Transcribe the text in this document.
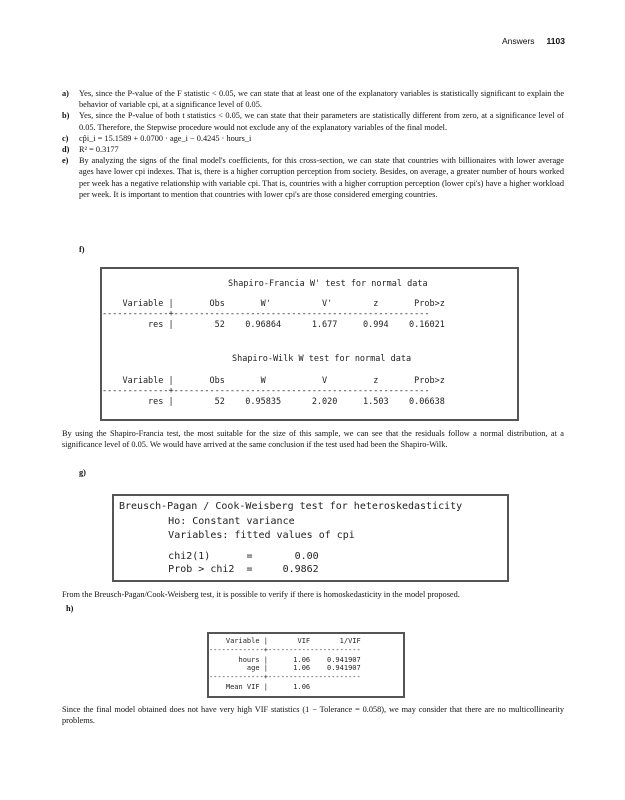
Answers 1103
a)	Yes, since the P-value of the F statistic < 0.05, we can state that at least one of the explanatory variables is statistically significant to explain the behavior of variable cpi, at a significance level of 0.05.
b)	Yes, since the P-value of both t statistics < 0.05, we can state that their parameters are statistically different from zero, at a significance level of 0.05. Therefore, the Stepwise procedure would not exclude any of the explanatory variables of the final model.
c)	cp̂i_i = 15.1589 + 0.0700 · age_i − 0.4245 · hours_i
d)	R² = 0.3177
e)	By analyzing the signs of the final model's coefficients, for this cross-section, we can state that countries with billionaires with lower average ages have lower cpi indexes. That is, there is a higher corruption perception from society. Besides, on average, a greater number of hours worked per week has a negative relationship with variable cpi. That is, countries with a higher corruption perception (lower cpi's) have a higher workload per week. It is important to mention that countries with lower cpi's are those considered emerging countries.
f)
Shapiro-Francia W' test for normal data
Variable |       Obs       W'          V'        z       Prob>z
-------------+--------------------------------------------------
res |        52    0.96864      1.677     0.994    0.16021
Shapiro-Wilk W test for normal data
Variable |       Obs       W           V         z       Prob>z
-------------+--------------------------------------------------
res |        52    0.95835      2.020     1.503    0.06638
By using the Shapiro-Francia test, the most suitable for the size of this sample, we can see that the residuals follow a normal distribution, at a significance level of 0.05. We would have arrived at the same conclusion if the test used had been the Shapiro-Wilk.
g)
Breusch-Pagan / Cook-Weisberg test for heteroskedasticity
Ho: Constant variance
Variables: fitted values of cpi
chi2(1)      =       0.00
Prob > chi2  =     0.9862
From the Breusch-Pagan/Cook-Weisberg test, it is possible to verify if there is homoskedasticity in the model proposed.
h)
Variable |       VIF       1/VIF
-------------+----------------------
hours |      1.06    0.941907
age |      1.06    0.941907
-------------+----------------------
Mean VIF |      1.06
Since the final model obtained does not have very high VIF statistics (1 − Tolerance = 0.058), we may consider that there are no multicollinearity problems.
